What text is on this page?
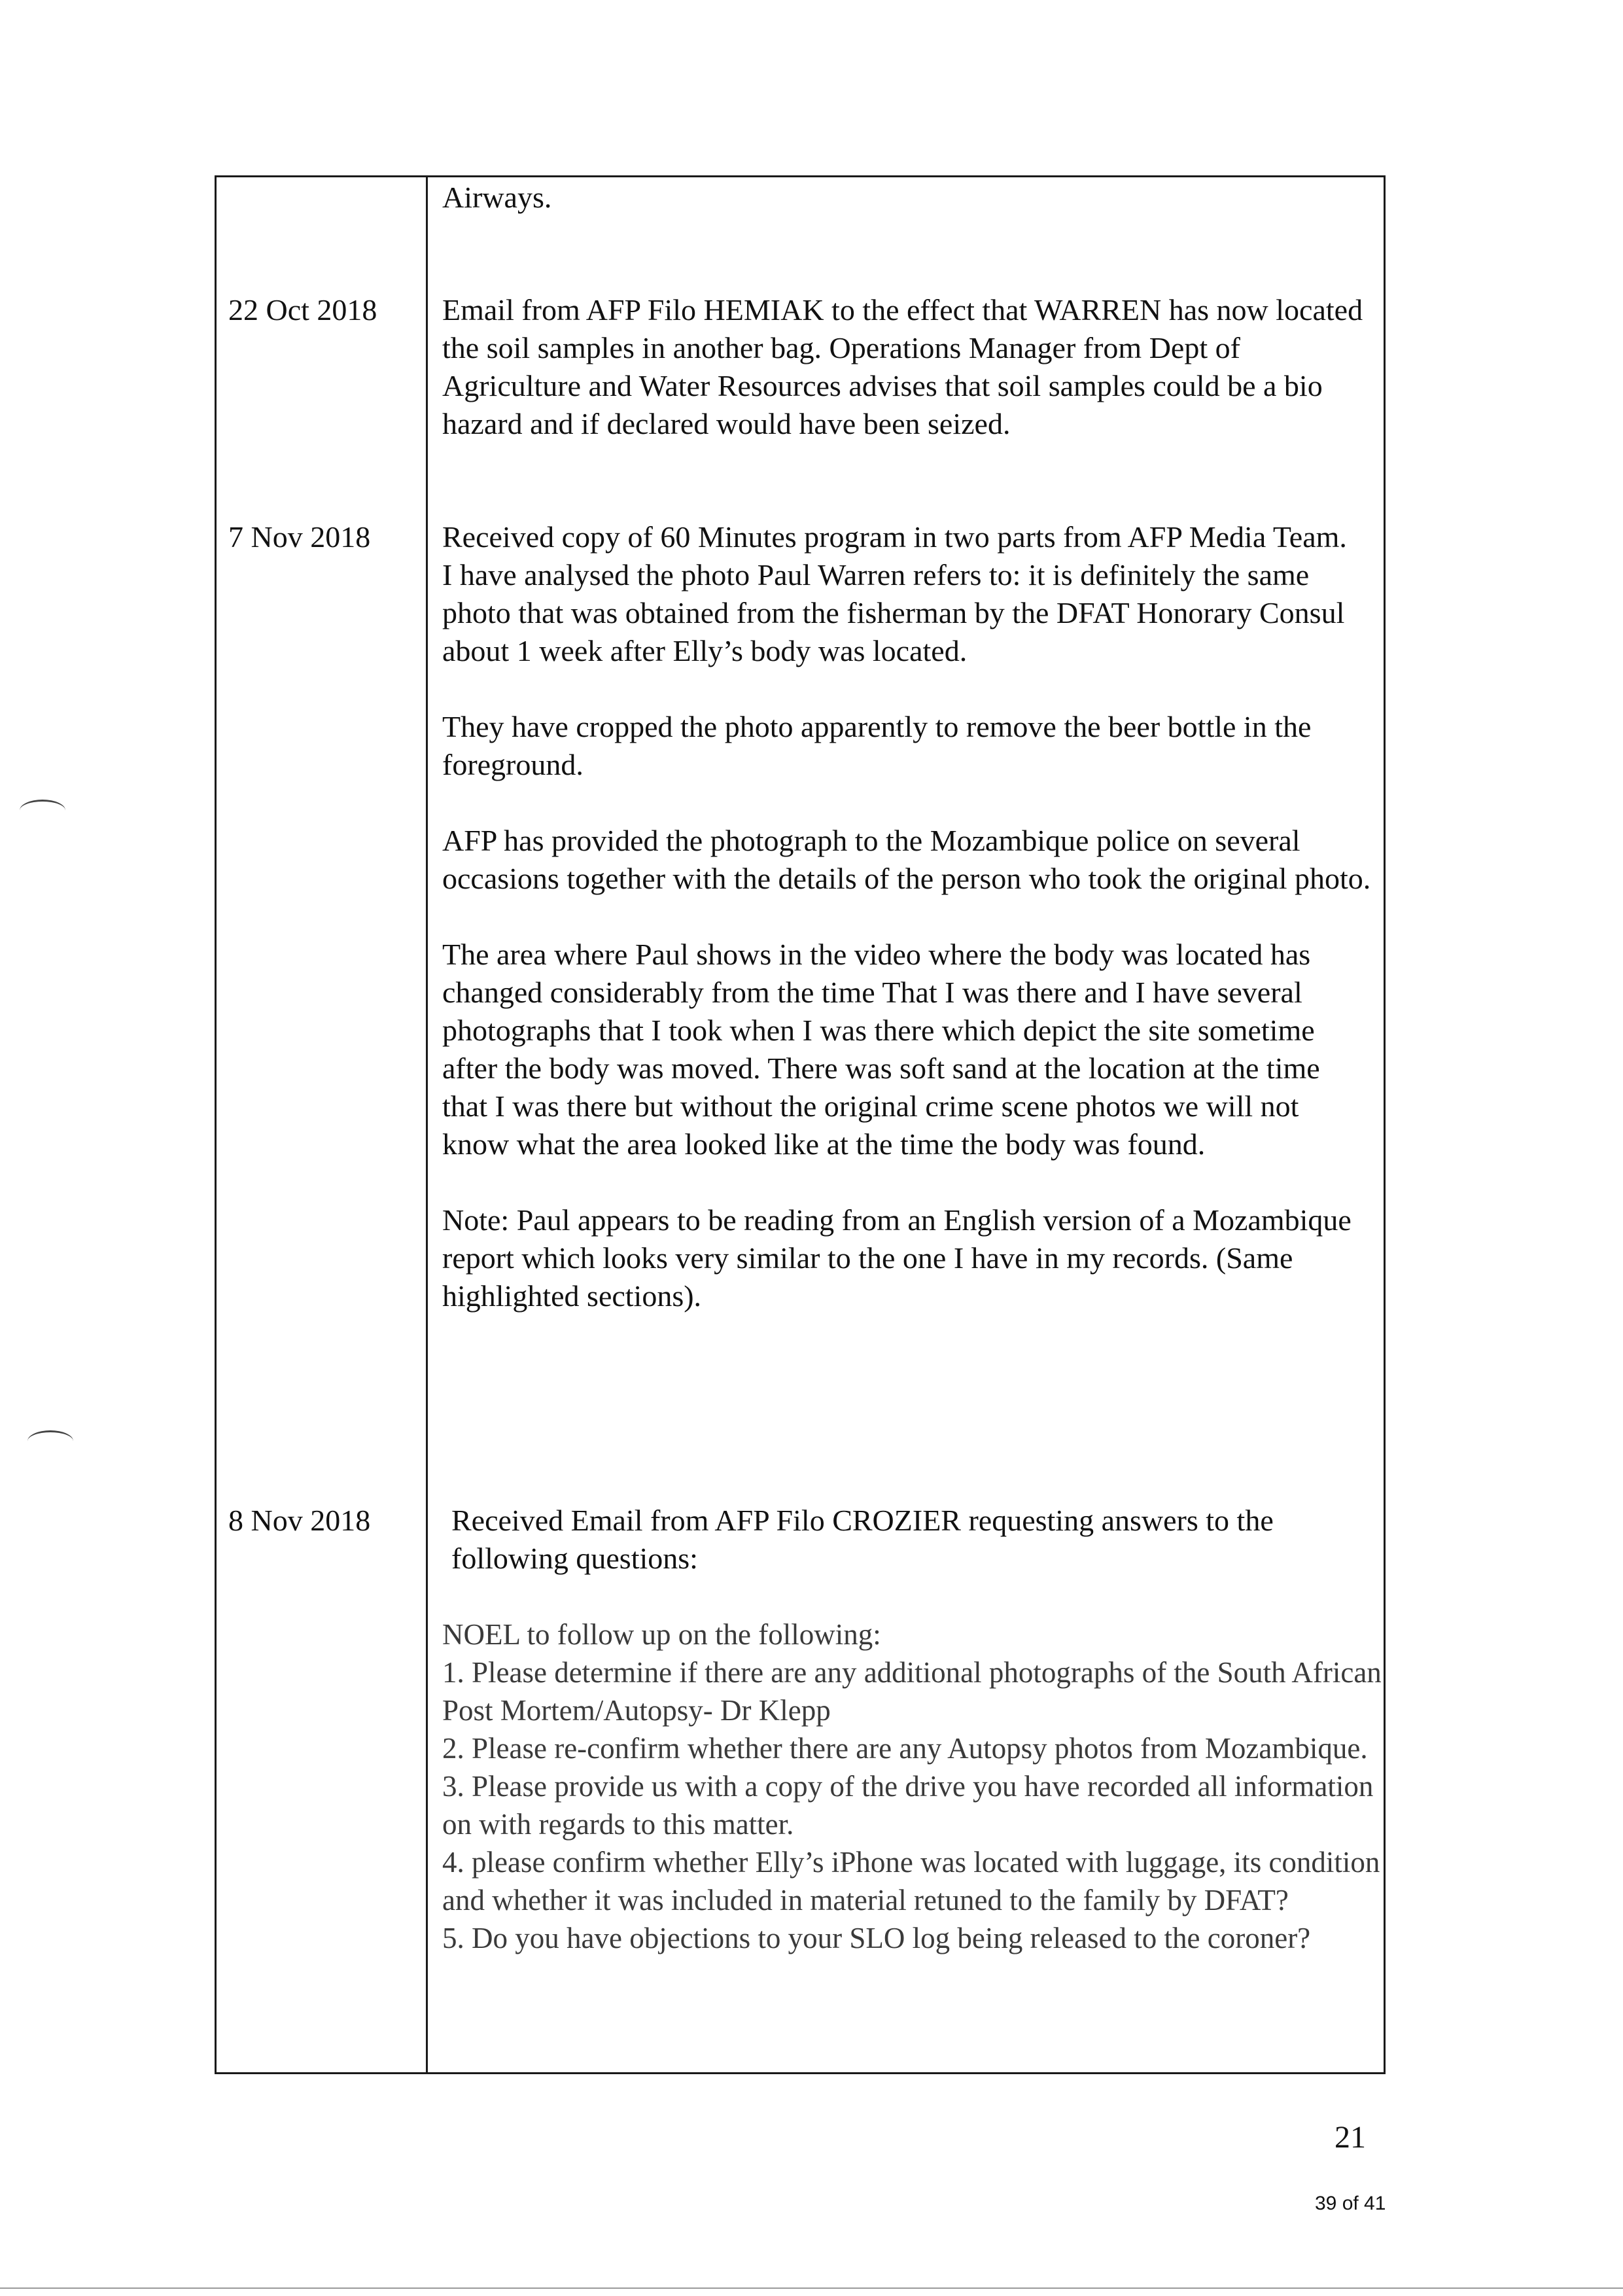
Airways.

22 Oct 2018 Email from AFP Filo HEMIAK to the effect that WARREN has now located the soil samples in another bag. Operations Manager from Dept of Agriculture and Water Resources advises that soil samples could be a bio hazard and if declared would have been seized.

7 Nov 2018 Received copy of 60 Minutes program in two parts from AFP Media Team.

I have analysed the photo Paul Warren refers to: it is definitely the same photo that was obtained from the fisherman by the DFAT Honorary Consul about 1 week after Elly’s body was located.

They have cropped the photo apparently to remove the beer bottle in the foreground.

AFP has provided the photograph to the Mozambique police on several occasions together with the details of the person who took the original photo.

The area where Paul shows in the video where the body was located has changed considerably from the time That I was there and I have several photographs that I took when I was there which depict the site sometime after the body was moved. There was soft sand at the location at the time that I was there but without the original crime scene photos we will not know what the area looked like at the time the body was found.

Note: Paul appears to be reading from an English version of a Mozambique report which looks very similar to the one I have in my records. (Same highlighted sections).

8 Nov 2018	Received Email from AFP Filo CROZIER requesting answers to the following questions:

NOEL to follow up on the following:
1. Please determine if there are any additional photographs of the South African Post Mortem/Autopsy- Dr Klepp
2. Please re-confirm whether there are any Autopsy photos from Mozambique.
3. Please provide us with a copy of the drive you have recorded all information on with regards to this matter.
4. please confirm whether Elly’s iPhone was located with luggage, its condition and whether it was included in material retuned to the family by DFAT?
5. Do you have objections to your SLO log being released to the coroner?
21
39 of 41
